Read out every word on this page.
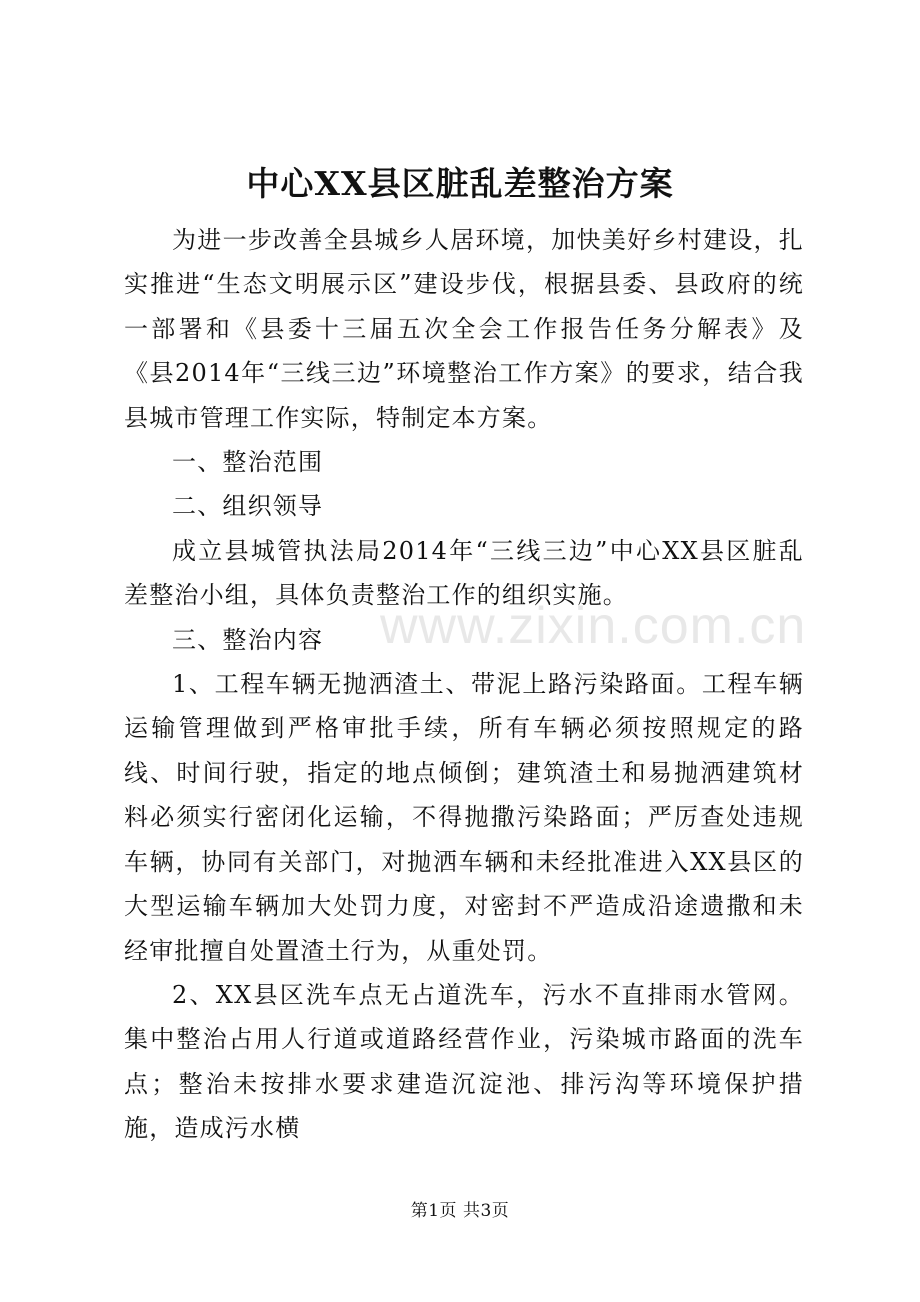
中心XX县区脏乱差整治方案

为进一步改善全县城乡人居环境，加快美好乡村建设，扎实推进“生态文明展示区”建设步伐，根据县委、县政府的统一部署和《县委十三届五次全会工作报告任务分解表》及《县2014年“三线三边”环境整治工作方案》的要求，结合我县城市管理工作实际，特制定本方案。

一、整治范围

二、组织领导

成立县城管执法局2014年“三线三边”中心XX县区脏乱差整治小组，具体负责整治工作的组织实施。

三、整治内容

1、工程车辆无抛洒渣土、带泥上路污染路面。工程车辆运输管理做到严格审批手续，所有车辆必须按照规定的路线、时间行驶，指定的地点倾倒；建筑渣土和易抛洒建筑材料必须实行密闭化运输，不得抛撒污染路面；严厉查处违规车辆，协同有关部门，对抛洒车辆和未经批准进入XX县区的大型运输车辆加大处罚力度，对密封不严造成沿途遗撒和未经审批擅自处置渣土行为，从重处罚。

2、XX县区洗车点无占道洗车，污水不直排雨水管网。集中整治占用人行道或道路经营作业，污染城市路面的洗车点；整治未按排水要求建造沉淀池、排污沟等环境保护措施，造成污水横

www.zixin.com.cn
第1页 共3页
